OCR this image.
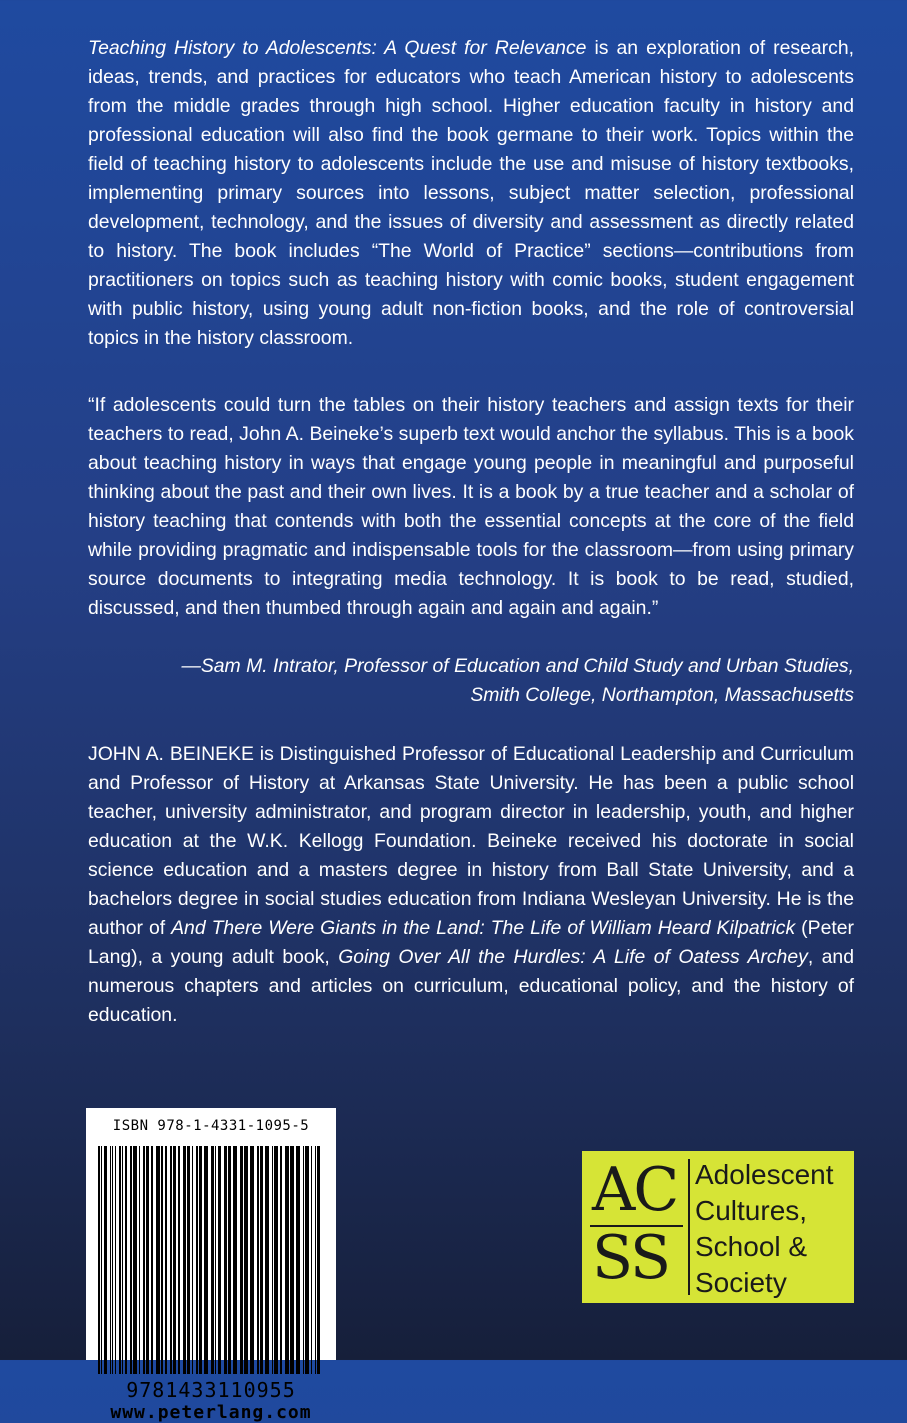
Teaching History to Adolescents: A Quest for Relevance is an exploration of research, ideas, trends, and practices for educators who teach American history to adolescents from the middle grades through high school. Higher education faculty in history and professional education will also find the book germane to their work. Topics within the field of teaching history to adolescents include the use and misuse of history textbooks, implementing primary sources into lessons, subject matter selection, professional development, technology, and the issues of diversity and assessment as directly related to history. The book includes “The World of Practice” sections—contributions from practitioners on topics such as teaching history with comic books, student engagement with public history, using young adult non-fiction books, and the role of controversial topics in the history classroom.

“If adolescents could turn the tables on their history teachers and assign texts for their teachers to read, John A. Beineke’s superb text would anchor the syllabus. This is a book about teaching history in ways that engage young people in meaningful and purposeful thinking about the past and their own lives. It is a book by a true teacher and a scholar of history teaching that contends with both the essential concepts at the core of the field while providing pragmatic and indispensable tools for the classroom—from using primary source documents to integrating media technology. It is book to be read, studied, discussed, and then thumbed through again and again and again.”

—Sam M. Intrator, Professor of Education and Child Study and Urban Studies,
Smith College, Northampton, Massachusetts

JOHN A. BEINEKE is Distinguished Professor of Educational Leadership and Curriculum and Professor of History at Arkansas State University. He has been a public school teacher, university administrator, and program director in leadership, youth, and higher education at the W.K. Kellogg Foundation. Beineke received his doctorate in social science education and a masters degree in history from Ball State University, and a bachelors degree in social studies education from Indiana Wesleyan University. He is the author of And There Were Giants in the Land: The Life of William Heard Kilpatrick (Peter Lang), a young adult book, Going Over All the Hurdles: A Life of Oatess Archey, and numerous chapters and articles on curriculum, educational policy, and the history of education.

ISBN 978-1-4331-1095-5
9781433110955
www.peterlang.com
AC
SS
Adolescent
Cultures,
School &
Society
